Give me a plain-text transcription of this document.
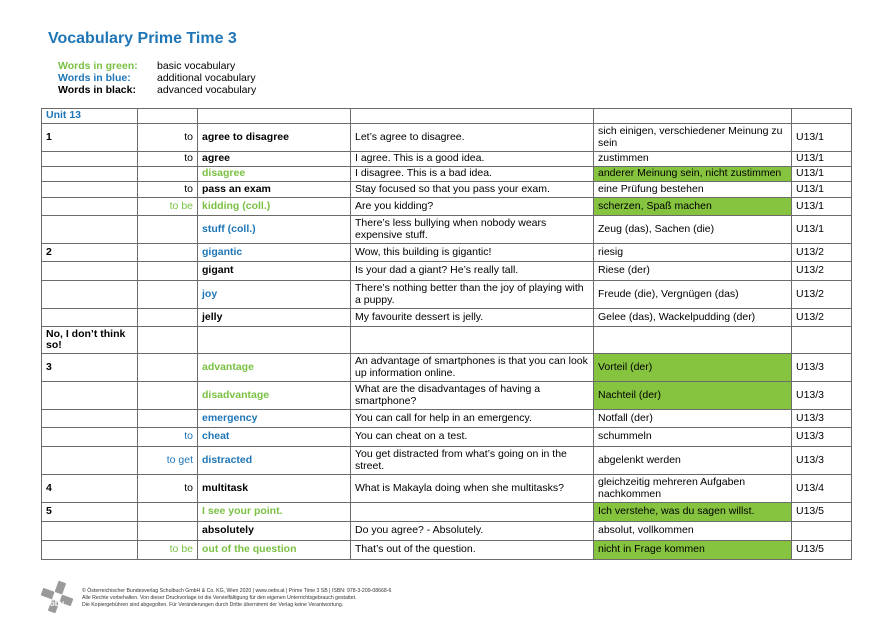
Vocabulary Prime Time 3
Words in green:	basic vocabulary
Words in blue:	additional vocabulary
Words in black:	advanced vocabulary
Unit 13					
1	to	agree to disagree	Let’s agree to disagree.	sich einigen, verschiedener Meinung zu sein	U13/1
	to	agree	I agree. This is a good idea.	zustimmen	U13/1
		disagree	I disagree. This is a bad idea.	anderer Meinung sein, nicht zustimmen	U13/1
	to	pass an exam	Stay focused so that you pass your exam.	eine Prüfung bestehen	U13/1
	to be	kidding (coll.)	Are you kidding?	scherzen, Spaß machen	U13/1
		stuff (coll.)	There’s less bullying when nobody wears expensive stuff.	Zeug (das), Sachen (die)	U13/1
2		gigantic	Wow, this building is gigantic!	riesig	U13/2
		gigant	Is your dad a giant? He’s really tall.	Riese (der)	U13/2
		joy	There’s nothing better than the joy of playing with a puppy.	Freude (die), Vergnügen (das)	U13/2
		jelly	My favourite dessert is jelly.	Gelee (das), Wackelpudding (der)	U13/2
No, I don’t think so!					
3		advantage	An advantage of smartphones is that you can look up information online.	Vorteil (der)	U13/3
		disadvantage	What are the disadvantages of having a smartphone?	Nachteil (der)	U13/3
		emergency	You can call for help in an emergency.	Notfall (der)	U13/3
	to	cheat	You can cheat on a test.	schummeln	U13/3
	to get	distracted	You get distracted from what’s going on in the street.	abgelenkt werden	U13/3
4	to	multitask	What is Makayla doing when she multitasks?	gleichzeitig mehreren Aufgaben nachkommen	U13/4
5		I see your point.		Ich verstehe, was du sagen willst.	U13/5
		absolutely	Do you agree? - Absolutely.	absolut, vollkommen	
	to be	out of the question	That’s out of the question.	nicht in Frage kommen	U13/5
öbv
© Österreichischer Bundesverlag Schulbuch GmbH & Co. KG, Wien 2020 | www.oebv.at | Prime Time 3 SB | ISBN: 978-3-209-08668-6
Alle Rechte vorbehalten. Von dieser Druckvorlage ist die Vervielfältigung für den eigenen Unterrichtsgebrauch gestattet.
Die Kopiergebühren sind abgegolten. Für Veränderungen durch Dritte übernimmt der Verlag keine Verantwortung.
